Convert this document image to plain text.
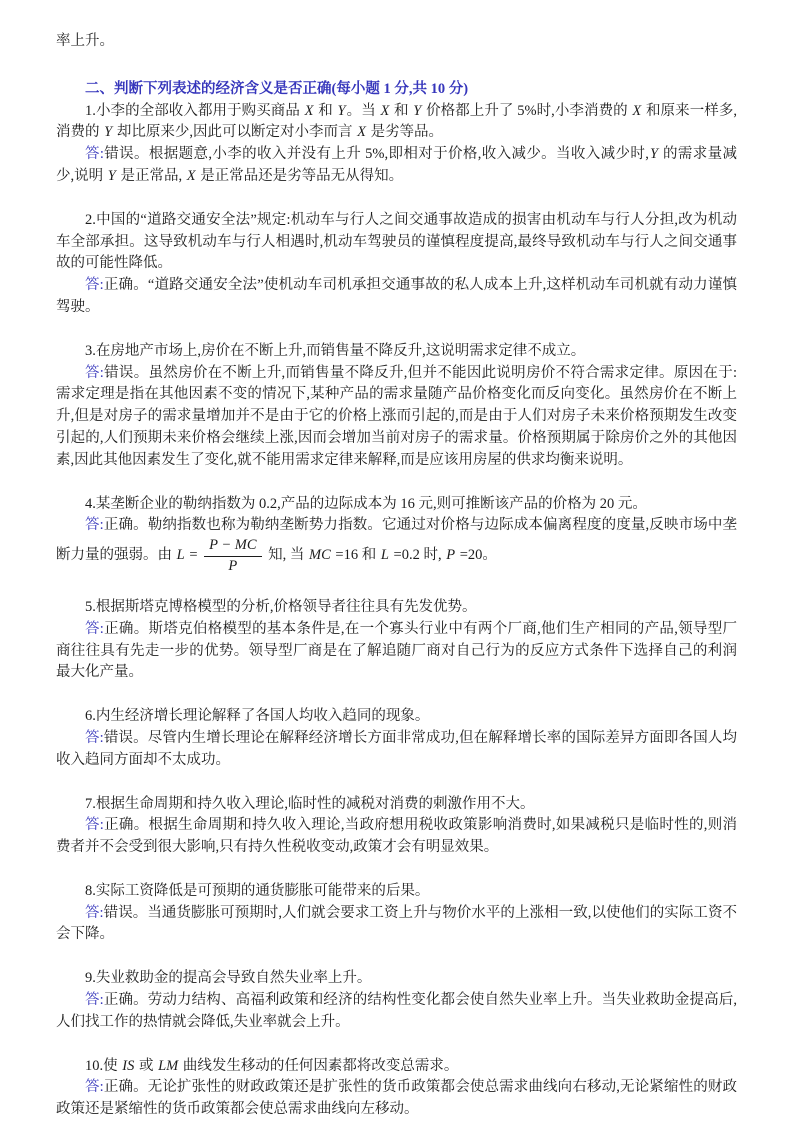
率上升。

二、判断下列表述的经济含义是否正确(每小题 1 分,共 10 分)

1.小李的全部收入都用于购买商品 X 和 Y。当 X 和 Y 价格都上升了 5%时,小李消费的 X 和原来一样多,消费的 Y 却比原来少,因此可以断定对小李而言 X 是劣等品。

答:错误。根据题意,小李的收入并没有上升 5%,即相对于价格,收入减少。当收入减少时,Y 的需求量减少,说明 Y 是正常品, X 是正常品还是劣等品无从得知。

2.中国的“道路交通安全法”规定:机动车与行人之间交通事故造成的损害由机动车与行人分担,改为机动车全部承担。这导致机动车与行人相遇时,机动车驾驶员的谨慎程度提高,最终导致机动车与行人之间交通事故的可能性降低。

答:正确。“道路交通安全法”使机动车司机承担交通事故的私人成本上升,这样机动车司机就有动力谨慎驾驶。

3.在房地产市场上,房价在不断上升,而销售量不降反升,这说明需求定律不成立。

答:错误。虽然房价在不断上升,而销售量不降反升,但并不能因此说明房价不符合需求定律。原因在于:需求定理是指在其他因素不变的情况下,某种产品的需求量随产品价格变化而反向变化。虽然房价在不断上升,但是对房子的需求量增加并不是由于它的价格上涨而引起的,而是由于人们对房子未来价格预期发生改变引起的,人们预期未来价格会继续上涨,因而会增加当前对房子的需求量。价格预期属于除房价之外的其他因素,因此其他因素发生了变化,就不能用需求定律来解释,而是应该用房屋的供求均衡来说明。

4.某垄断企业的勒纳指数为 0.2,产品的边际成本为 16 元,则可推断该产品的价格为 20 元。

答:正确。勒纳指数也称为勒纳垄断势力指数。它通过对价格与边际成本偏离程度的度量,反映市场中垄断力量的强弱。由 $L = \frac{P - MC}{P}$ 知, 当 MC =16 和 L =0.2 时, P =20。

5.根据斯塔克博格模型的分析,价格领导者往往具有先发优势。

答:正确。斯塔克伯格模型的基本条件是,在一个寡头行业中有两个厂商,他们生产相同的产品,领导型厂商往往具有先走一步的优势。领导型厂商是在了解追随厂商对自己行为的反应方式条件下选择自己的利润最大化产量。

6.内生经济增长理论解释了各国人均收入趋同的现象。

答:错误。尽管内生增长理论在解释经济增长方面非常成功,但在解释增长率的国际差异方面即各国人均收入趋同方面却不太成功。

7.根据生命周期和持久收入理论,临时性的减税对消费的刺激作用不大。

答:正确。根据生命周期和持久收入理论,当政府想用税收政策影响消费时,如果减税只是临时性的,则消费者并不会受到很大影响,只有持久性税收变动,政策才会有明显效果。

8.实际工资降低是可预期的通货膨胀可能带来的后果。

答:错误。当通货膨胀可预期时,人们就会要求工资上升与物价水平的上涨相一致,以使他们的实际工资不会下降。

9.失业救助金的提高会导致自然失业率上升。

答:正确。劳动力结构、高福利政策和经济的结构性变化都会使自然失业率上升。当失业救助金提高后,人们找工作的热情就会降低,失业率就会上升。

10.使 IS 或 LM 曲线发生移动的任何因素都将改变总需求。

答:正确。无论扩张性的财政政策还是扩张性的货币政策都会使总需求曲线向右移动,无论紧缩性的财政政策还是紧缩性的货币政策都会使总需求曲线向左移动。
